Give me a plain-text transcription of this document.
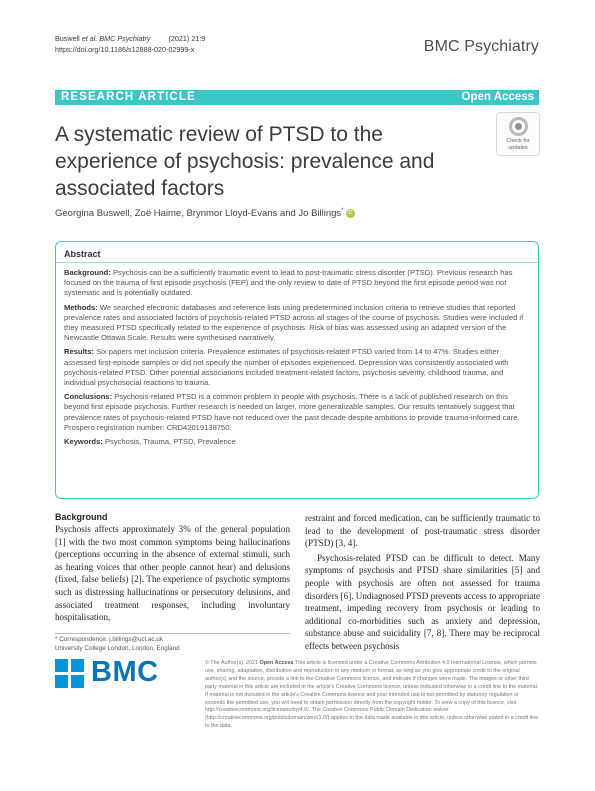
Buswell et al. BMC Psychiatry (2021) 21:9
https://doi.org/10.1186/s12888-020-02999-x	BMC Psychiatry
RESEARCH ARTICLE	Open Access
A systematic review of PTSD to the
experience of psychosis: prevalence and
associated factors
Check for
updates
Georgina Buswell, Zoë Haime, Brynmor Lloyd-Evans and Jo Billings* iD
Abstract

Background: Psychosis can be a sufficiently traumatic event to lead to post-traumatic stress disorder (PTSD). Previous research has focused on the trauma of first episode psychosis (FEP) and the only review to date of PTSD beyond the first episode period was not systematic and is potentially outdated.

Methods: We searched electronic databases and reference lists using predetermined inclusion criteria to retrieve studies that reported prevalence rates and associated factors of psychosis-related PTSD across all stages of the course of psychosis. Studies were included if they measured PTSD specifically related to the experience of psychosis. Risk of bias was assessed using an adapted version of the Newcastle Ottawa Scale. Results were synthesised narratively.

Results: Six papers met inclusion criteria. Prevalence estimates of psychosis-related PTSD varied from 14 to 47%. Studies either assessed first-episode samples or did not specify the number of episodes experienced. Depression was consistently associated with psychosis-related PTSD. Other potential associations included treatment-related factors, psychosis severity, childhood trauma, and individual psychosocial reactions to trauma.

Conclusions: Psychosis-related PTSD is a common problem in people with psychosis. There is a lack of published research on this beyond first episode psychosis. Further research is needed on larger, more generalizable samples. Our results tentatively suggest that prevalence rates of psychosis-related PTSD have not reduced over the past decade despite ambitions to provide trauma-informed care.

Prospero registration number: CRD42019138750.

Keywords: Psychosis, Trauma, PTSD, Prevalence

Background

Psychosis affects approximately 3% of the general population [1] with the two most common symptoms being hallucinations (perceptions occurring in the absence of external stimuli, such as hearing voices that other people cannot hear) and delusions (fixed, false beliefs) [2]. The experience of psychotic symptoms such as distressing hallucinations or persecutory delusions, and associated treatment responses, including involuntary hospitalisation,

restraint and forced medication, can be sufficiently traumatic to lead to the development of post-traumatic stress disorder (PTSD) [3, 4].

Psychosis-related PTSD can be difficult to detect. Many symptoms of psychosis and PTSD share similarities [5] and people with psychosis are often not assessed for trauma disorders [6]. Undiagnosed PTSD prevents access to appropriate treatment, impeding recovery from psychosis or leading to additional co-morbidities such as anxiety and depression, substance abuse and suicidality [7, 8]. There may be reciprocal effects between psychosis

* Correspondence: j.billings@ucl.ac.uk
University College London, London, England
BMC	© The Author(s). 2021 Open Access This article is licensed under a Creative Commons Attribution 4.0 International License, which permits use, sharing, adaptation, distribution and reproduction in any medium or format, as long as you give appropriate credit to the original author(s) and the source, provide a link to the Creative Commons licence, and indicate if changes were made. The images or other third party material in this article are included in the article's Creative Commons licence, unless indicated otherwise in a credit line to the material. If material is not included in the article's Creative Commons licence and your intended use is not permitted by statutory regulation or exceeds the permitted use, you will need to obtain permission directly from the copyright holder. To view a copy of this licence, visit http://creativecommons.org/licenses/by/4.0/. The Creative Commons Public Domain Dedication waiver (http://creativecommons.org/publicdomain/zero/1.0/) applies to the data made available in this article, unless otherwise stated in a credit line to the data.
